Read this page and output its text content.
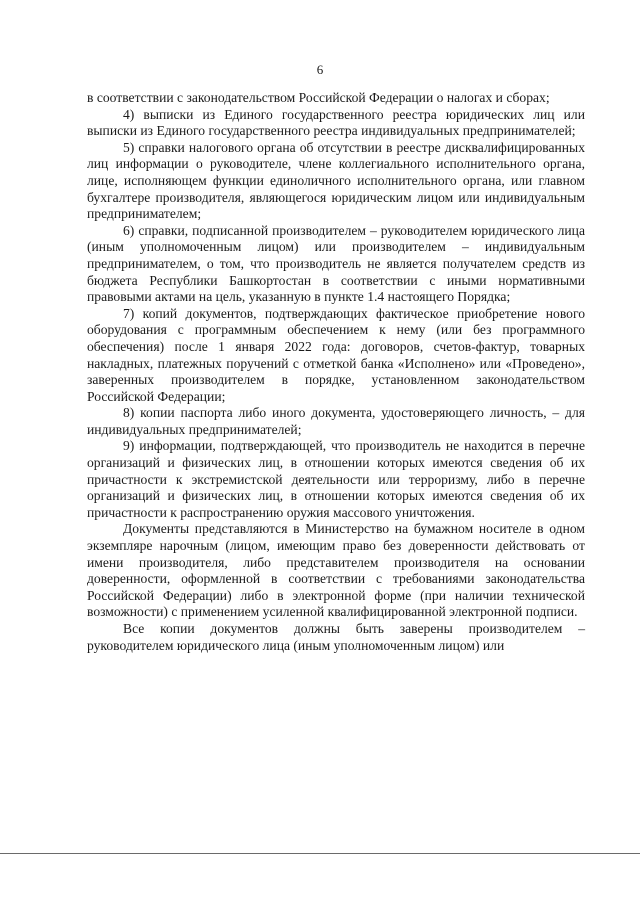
6

в соответствии с законодательством Российской Федерации о налогах и сборах;

4) выписки из Единого государственного реестра юридических лиц или выписки из Единого государственного реестра индивидуальных предпринимателей;

5) справки налогового органа об отсутствии в реестре дисквалифицированных лиц информации о руководителе, члене коллегиального исполнительного органа, лице, исполняющем функции единоличного исполнительного органа, или главном бухгалтере производителя, являющегося юридическим лицом или индивидуальным предпринимателем;

6) справки, подписанной производителем – руководителем юридического лица (иным уполномоченным лицом) или производителем – индивидуальным предпринимателем, о том, что производитель не является получателем средств из бюджета Республики Башкортостан в соответствии с иными нормативными правовыми актами на цель, указанную в пункте 1.4 настоящего Порядка;

7) копий документов, подтверждающих фактическое приобретение нового оборудования с программным обеспечением к нему (или без программного обеспечения) после 1 января 2022 года: договоров, счетов-фактур, товарных накладных, платежных поручений с отметкой банка «Исполнено» или «Проведено», заверенных производителем в порядке, установленном законодательством Российской Федерации;

8) копии паспорта либо иного документа, удостоверяющего личность, – для индивидуальных предпринимателей;

9) информации, подтверждающей, что производитель не находится в перечне организаций и физических лиц, в отношении которых имеются сведения об их причастности к экстремистской деятельности или терроризму, либо в перечне организаций и физических лиц, в отношении которых имеются сведения об их причастности к распространению оружия массового уничтожения.

Документы представляются в Министерство на бумажном носителе в одном экземпляре нарочным (лицом, имеющим право без доверенности действовать от имени производителя, либо представителем производителя на основании доверенности, оформленной в соответствии с требованиями законодательства Российской Федерации) либо в электронной форме (при наличии технической возможности) с применением усиленной квалифицированной электронной подписи.

Все копии документов должны быть заверены производителем – руководителем юридического лица (иным уполномоченным лицом) или
